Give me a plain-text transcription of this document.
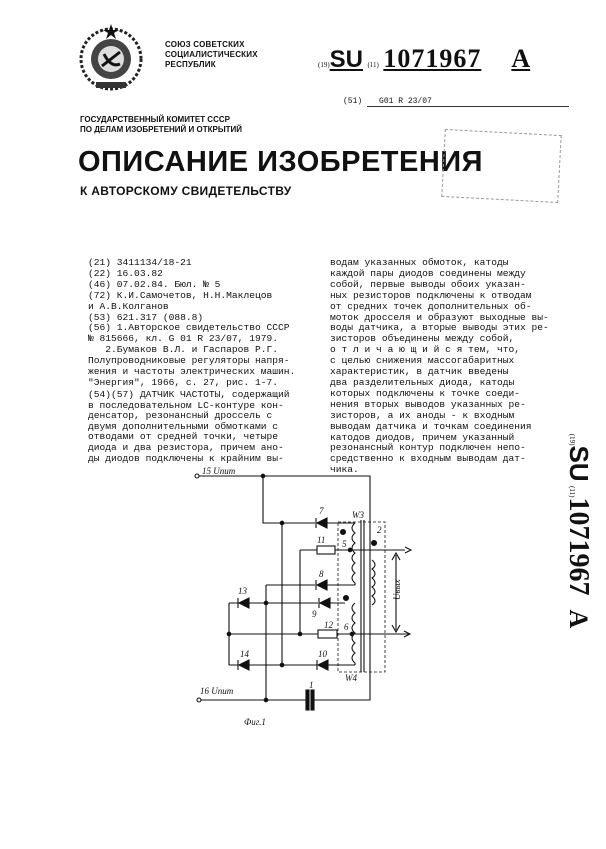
СОЮЗ СОВЕТСКИХ
СОЦИАЛИСТИЧЕСКИХ
РЕСПУБЛИК	(19)SU (11) 1071967 A
(51) G01 R 23/07
ГОСУДАРСТВЕННЫЙ КОМИТЕТ СССР
ПО ДЕЛАМ ИЗОБРЕТЕНИЙ И ОТКРЫТИЙ
ОПИСАНИЕ ИЗОБРЕТЕНИЯ
К АВТОРСКОМУ СВИДЕТЕЛЬСТВУ
(21) 3411134/18-21
(22) 16.03.82
(46) 07.02.84. Бюл. № 5
(72) К.И.Самочетов, Н.Н.Маклецов
и А.В.Колганов
(53) 621.317 (088.8)
(56) 1.Авторское свидетельство СССР
№ 815666, кл. G 01 R 23/07, 1979.
2.Бумаков В.Л. и Гаспаров Р.Г.
Полупроводниковые регуляторы напря-
жения и частоты электрических машин.
"Энергия", 1966, с. 27, рис. 1-7.
(54)(57) ДАТЧИК ЧАСТОТЫ, содержащий
в последовательном LC-контуре кон-
денсатор, резонансный дроссель с
двумя дополнительными обмотками с
отводами от средней точки, четыре
диода и два резистора, причем ано-
ды диодов подключены к крайним вы-
водам указанных обмоток, катоды
каждой пары диодов соединены между
собой, первые выводы обоих указан-
ных резисторов подключены к отводам
от средних точек дополнительных об-
моток дросселя и образуют выходные вы-
воды датчика, а вторые выводы этих ре-
зисторов объединены между собой,
о т л и ч а ю щ и й с я тем, что,
с целью снижения массогабаритных
характеристик, в датчик введены
два разделительных диода, катоды
которых подключены к точке соеди-
нения вторых выводов указанных ре-
зисторов, а их аноды - к входным
выводам датчика и точкам соединения
катодов диодов, причем указанный
резонансный контур подключен непо-
средственно к входным выводам дат-
чика.
(19)SU (11)1071967A
15 Uпит
16 Uпит
Uвых
7	W3
2
11 5
8
13
9
12 6
14	10
W4
1
Фиг.1
